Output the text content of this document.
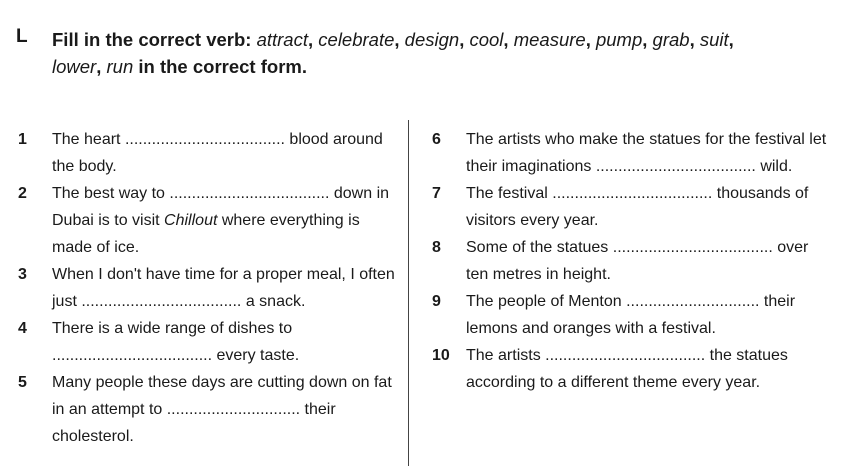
L Fill in the correct verb: attract, celebrate, design, cool, measure, pump, grab, suit,
lower, run in the correct form.
1 The heart .................................... blood around the body.
2 The best way to .................................... down in Dubai is to visit Chillout where everything is made of ice.
3 When I don't have time for a proper meal, I often just .................................... a snack.
4 There is a wide range of dishes to .................................... every taste.
5 Many people these days are cutting down on fat in an attempt to .............................. their cholesterol.
6 The artists who make the statues for the festival let their imaginations .................................... wild.
7 The festival .................................... thousands of visitors every year.
8 Some of the statues .................................... over ten metres in height.
9 The people of Menton .............................. their lemons and oranges with a festival.
10 The artists .................................... the statues according to a different theme every year.
